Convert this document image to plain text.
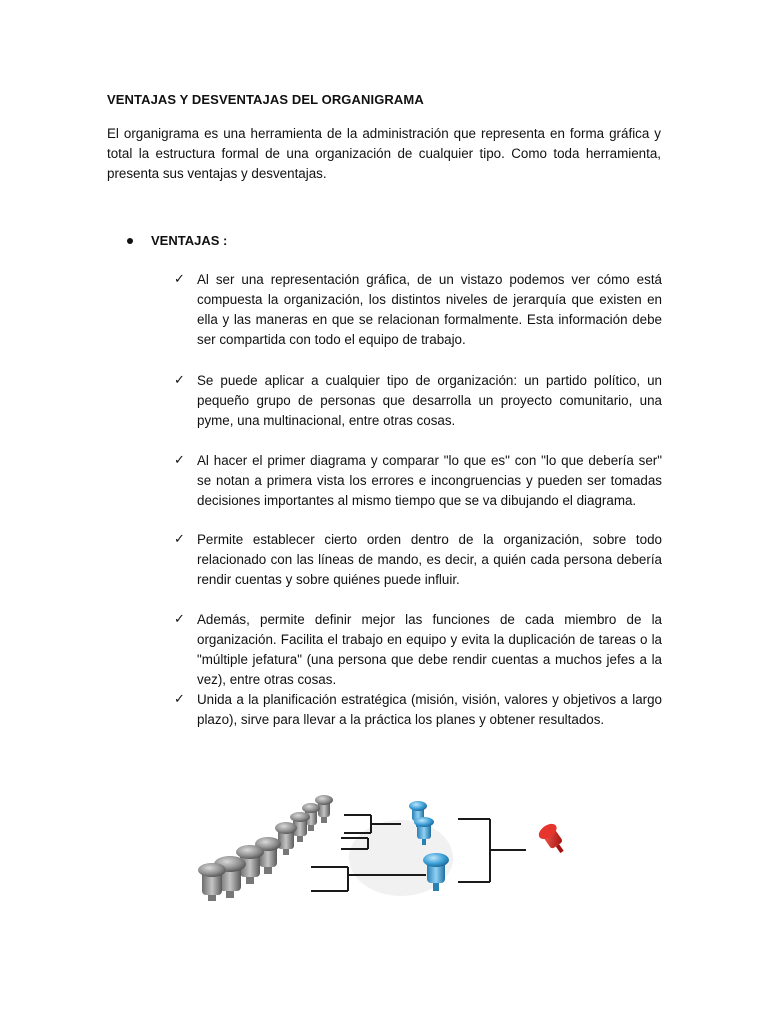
VENTAJAS Y DESVENTAJAS DEL ORGANIGRAMA
El organigrama es una herramienta de la administración que representa en forma gráfica y total la estructura formal de una organización de cualquier tipo. Como toda herramienta, presenta sus ventajas y desventajas.
VENTAJAS :
✓ Al ser una representación gráfica, de un vistazo podemos ver cómo está compuesta la organización, los distintos niveles de jerarquía que existen en ella y las maneras en que se relacionan formalmente. Esta información debe ser compartida con todo el equipo de trabajo.
✓ Se puede aplicar a cualquier tipo de organización: un partido político, un pequeño grupo de personas que desarrolla un proyecto comunitario, una pyme, una multinacional, entre otras cosas.
✓ Al hacer el primer diagrama y comparar "lo que es" con "lo que debería ser" se notan a primera vista los errores e incongruencias y pueden ser tomadas decisiones importantes al mismo tiempo que se va dibujando el diagrama.
✓ Permite establecer cierto orden dentro de la organización, sobre todo relacionado con las líneas de mando, es decir, a quién cada persona debería rendir cuentas y sobre quiénes puede influir.
✓ Además, permite definir mejor las funciones de cada miembro de la organización. Facilita el trabajo en equipo y evita la duplicación de tareas o la "múltiple jefatura" (una persona que debe rendir cuentas a muchos jefes a la vez), entre otras cosas.
✓ Unida a la planificación estratégica (misión, visión, valores y objetivos a largo plazo), sirve para llevar a la práctica los planes y obtener resultados.
